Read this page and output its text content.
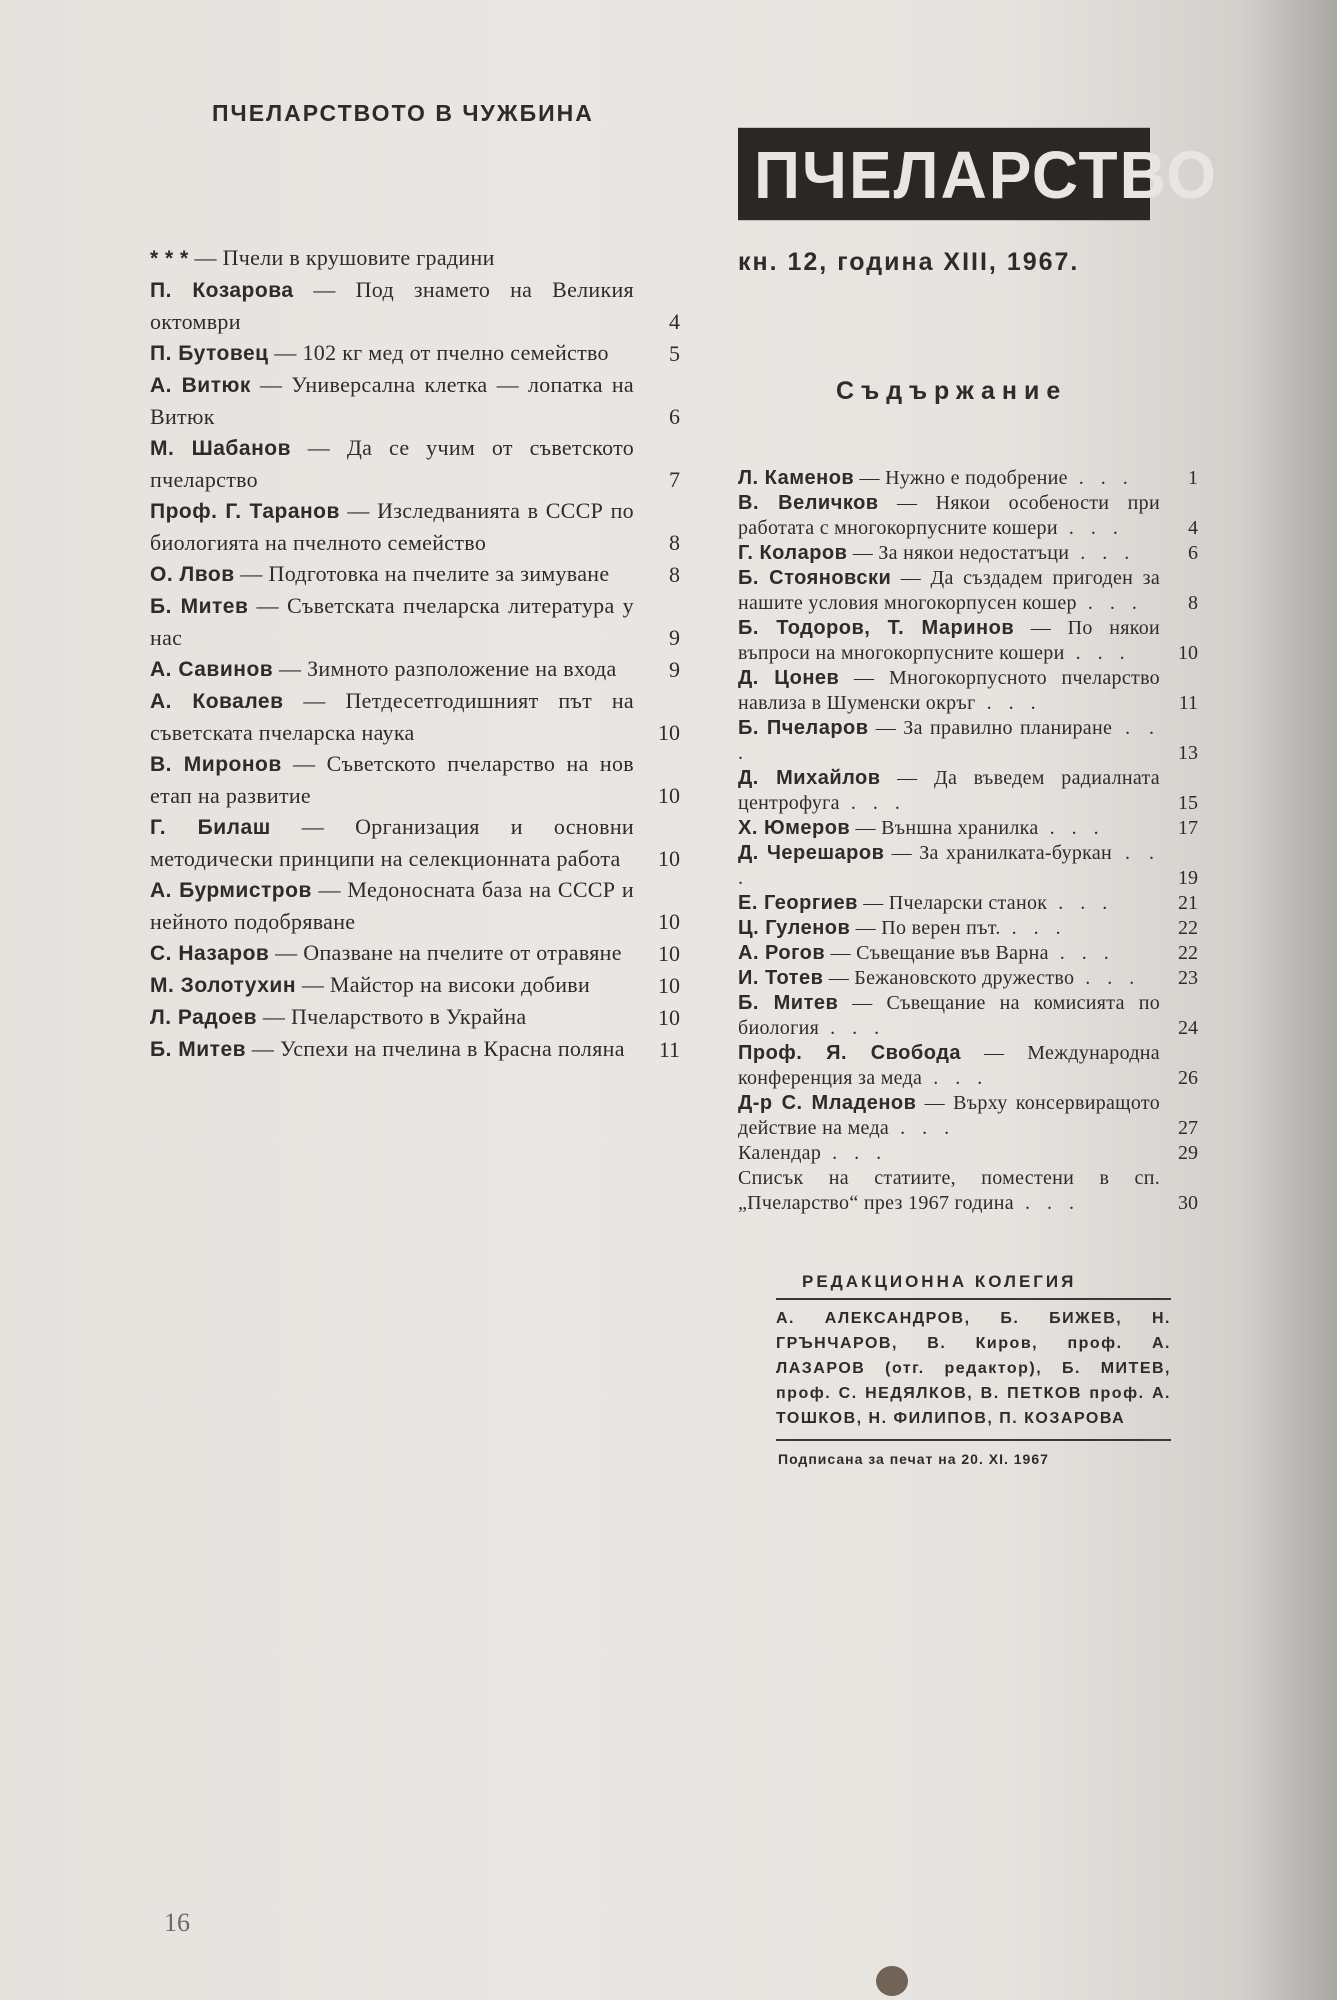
ПЧЕЛАРСТВОТО В ЧУЖБИНА
* * * — Пчели в крушовите градини
П. Козарова — Под знамето на Великия октомври	4
П. Бутовец — 102 кг мед от пчелно семейство	5
А. Витюк — Универсална клетка — лопатка на Витюк	6
М. Шабанов — Да се учим от съветското пчеларство	7
Проф. Г. Таранов — Изследванията в СССР по биологията на пчелното семейство	8
О. Лвов — Подготовка на пчелите за зимуване	8
Б. Митев — Съветската пчеларска литература у нас	9
А. Савинов — Зимното разположение на входа	9
А. Ковалев — Петдесетгодишният път на съветската пчеларска наука	10
В. Миронов — Съветското пчеларство на нов етап на развитие	10
Г. Билаш — Организация и основни методически принципи на селекционната работа	10
А. Бурмистров — Медоносната база на СССР и нейното подобряване	10
С. Назаров — Опазване на пчелите от отравяне	10
М. Золотухин — Майстор на високи добиви	10
Л. Радоев — Пчеларството в Украйна	10
Б. Митев — Успехи на пчелина в Красна поляна	11
ПЧЕЛАРСТВО
кн. 12, година XIII, 1967.
Съдържание
Л. Каменов — Нужно е подобрение . . .	1
В. Величков — Някои особености при работата с многокорпусните кошери . . .	4
Г. Коларов — За някои недостатъци . . .	6
Б. Стояновски — Да създадем пригоден за нашите условия многокорпусен кошер . . .	8
Б. Тодоров, Т. Маринов — По някои въпроси на многокорпусните кошери . . .	10
Д. Цонев — Многокорпусното пчеларство навлиза в Шуменски окръг . . .	11
Б. Пчеларов — За правилно планиране . . .	13
Д. Михайлов — Да въведем радиалната центрофуга . . .	15
Х. Юмеров — Външна хранилка . . .	17
Д. Черешаров — За хранилката-буркан . . .	19
Е. Георгиев — Пчеларски станок . . .	21
Ц. Гуленов — По верен път. . . .	22
А. Рогов — Съвещание във Варна . . .	22
И. Тотев — Бежановското дружество . . .	23
Б. Митев — Съвещание на комисията по биология . . .	24
Проф. Я. Свобода — Международна конференция за меда . . .	26
Д-р С. Младенов — Върху консервиращото действие на меда . . .	27
Календар . . .	29
Списък на статиите, поместени в сп. „Пчеларство“ през 1967 година . . .	30
РЕДАКЦИОННА КОЛЕГИЯ
А. АЛЕКСАНДРОВ, Б. БИЖЕВ, Н. ГРЪНЧАРОВ, В. Киров, проф. А. ЛАЗАРОВ (отг. редактор), Б. МИТЕВ, проф. С. НЕДЯЛКОВ, В. ПЕТКОВ проф. А. ТОШКОВ, Н. ФИЛИПОВ, П. КОЗАРОВА
Подписана за печат на 20. XI. 1967
16
